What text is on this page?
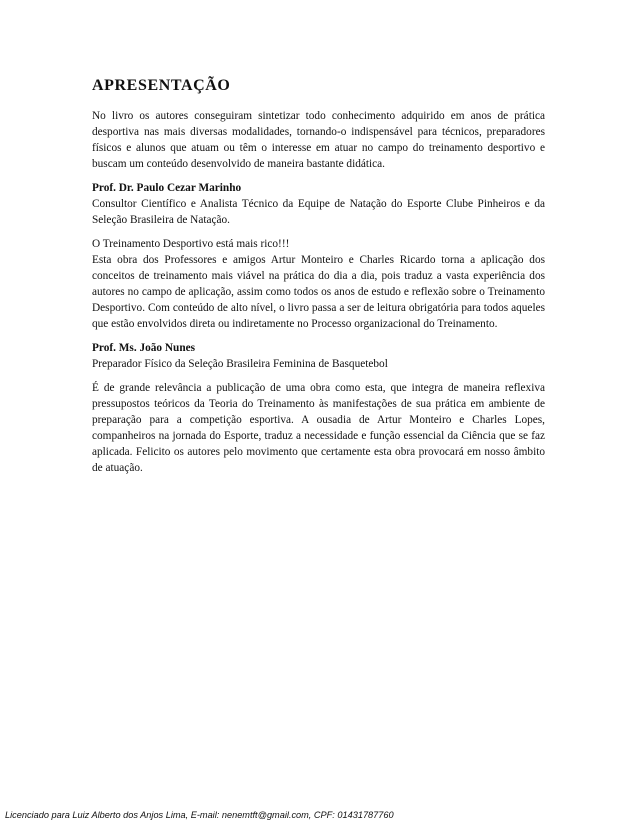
APRESENTAÇÃO

No livro os autores conseguiram sintetizar todo conhecimento adquirido em anos de prática desportiva nas mais diversas modalidades, tornando-o indispensável para técnicos, preparadores físicos e alunos que atuam ou têm o interesse em atuar no campo do treinamento desportivo e buscam um conteúdo desenvolvido de maneira bastante didática.

Prof. Dr. Paulo Cezar Marinho

Consultor Científico e Analista Técnico da Equipe de Natação do Esporte Clube Pinheiros e da Seleção Brasileira de Natação.

O Treinamento Desportivo está mais rico!!!

Esta obra dos Professores e amigos Artur Monteiro e Charles Ricardo torna a aplicação dos conceitos de treinamento mais viável na prática do dia a dia, pois traduz a vasta experiência dos autores no campo de aplicação, assim como todos os anos de estudo e reflexão sobre o Treinamento Desportivo. Com conteúdo de alto nível, o livro passa a ser de leitura obrigatória para todos aqueles que estão envolvidos direta ou indiretamente no Processo organizacional do Treinamento.

Prof. Ms. João Nunes

Preparador Físico da Seleção Brasileira Feminina de Basquetebol

É de grande relevância a publicação de uma obra como esta, que integra de maneira reflexiva pressupostos teóricos da Teoria do Treinamento às manifestações de sua prática em ambiente de preparação para a competição esportiva. A ousadia de Artur Monteiro e Charles Lopes, companheiros na jornada do Esporte, traduz a necessidade e função essencial da Ciência que se faz aplicada. Felicito os autores pelo movimento que certamente esta obra provocará em nosso âmbito de atuação.

Licenciado para Luiz Alberto dos Anjos Lima, E-mail: nenemtft@gmail.com, CPF: 01431787760
